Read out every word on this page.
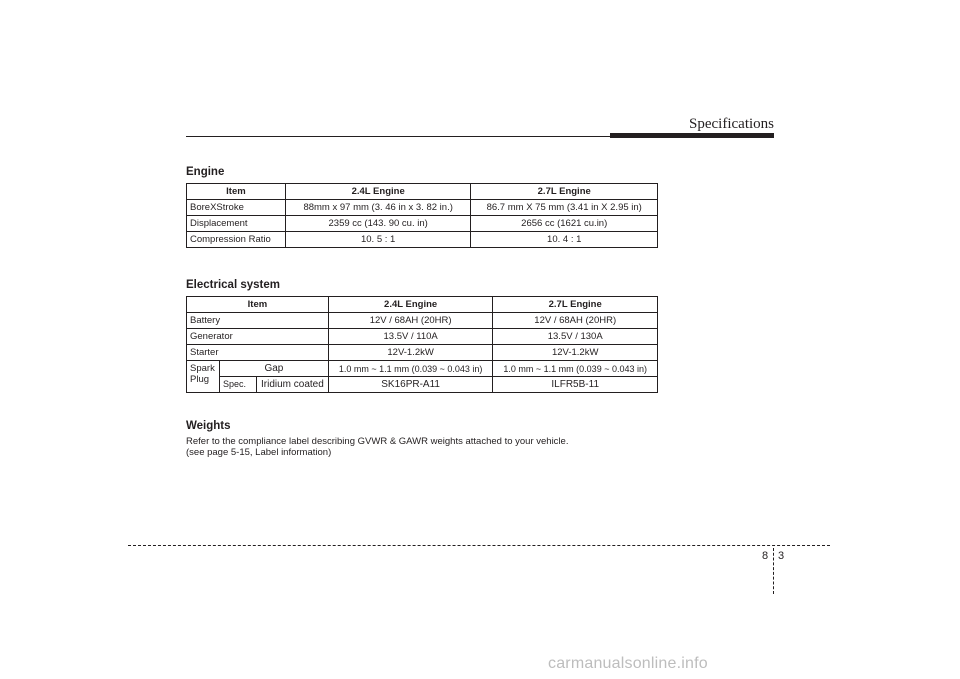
Specifications
Engine
Item	2.4L Engine	2.7L Engine
BoreXStroke	88mm x 97 mm (3. 46 in x 3. 82 in.)	86.7 mm X 75 mm (3.41 in X 2.95 in)
Displacement	2359 cc (143. 90 cu. in)	2656 cc (1621 cu.in)
Compression Ratio	10. 5 : 1	10. 4 : 1
Electrical system
Item			2.4L Engine	2.7L Engine
Battery			12V / 68AH (20HR)	12V / 68AH (20HR)
Generator			13.5V / 110A	13.5V / 130A
Starter			12V-1.2kW	12V-1.2kW
Spark
Plug	Gap		1.0 mm ~ 1.1 mm (0.039 ~ 0.043 in)	1.0 mm ~ 1.1 mm (0.039 ~ 0.043 in)
	Spec.	Iridium coated	SK16PR-A11	ILFR5B-11
Weights
Refer to the compliance label describing GVWR & GAWR weights attached to your vehicle.
(see page 5-15, Label information)
8 3
carmanualsonline.info
